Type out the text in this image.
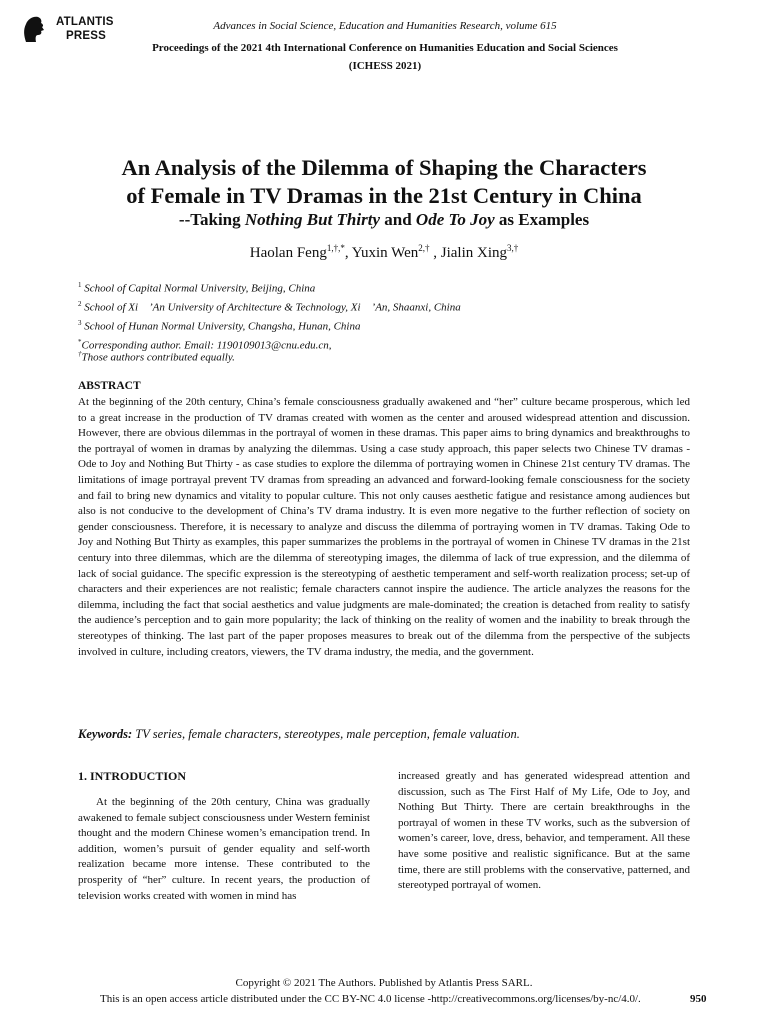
ATLANTIS
PRESS
Advances in Social Science, Education and Humanities Research, volume 615
Proceedings of the 2021 4th International Conference on Humanities Education and Social Sciences (ICHESS 2021)
An Analysis of the Dilemma of Shaping the Characters
of Female in TV Dramas in the 21st Century in China
--Taking Nothing But Thirty and Ode To Joy as Examples
Haolan Feng$^{1,\dagger,*}$, Yuxin Wen$^{2,\dagger}$ , Jialin Xing$^{3,\dagger}$
$^1$ School of Capital Normal University, Beijing, China
$^2$ School of Xi　’An University of Architecture & Technology, Xi　’An, Shaanxi, China
$^3$ School of Hunan Normal University, Changsha, Hunan, China
*Corresponding author. Email: 1190109013@cnu.edu.cn,
†Those authors contributed equally.
ABSTRACT

At the beginning of the 20th century, China’s female consciousness gradually awakened and “her” culture became prosperous, which led to a great increase in the production of TV dramas created with women as the center and aroused widespread attention and discussion. However, there are obvious dilemmas in the portrayal of women in these dramas. This paper aims to bring dynamics and breakthroughs to the portrayal of women in dramas by analyzing the dilemmas. Using a case study approach, this paper selects two Chinese TV dramas - Ode to Joy and Nothing But Thirty - as case studies to explore the dilemma of portraying women in Chinese 21st century TV dramas. The limitations of image portrayal prevent TV dramas from spreading an advanced and forward-looking female consciousness for the society and fail to bring new dynamics and vitality to popular culture. This not only causes aesthetic fatigue and resistance among audiences but also is not conducive to the development of China’s TV drama industry. It is even more negative to the further reflection of society on gender consciousness. Therefore, it is necessary to analyze and discuss the dilemma of portraying women in TV dramas. Taking Ode to Joy and Nothing But Thirty as examples, this paper summarizes the problems in the portrayal of women in Chinese TV dramas in the 21st century into three dilemmas, which are the dilemma of stereotyping images, the dilemma of lack of true expression, and the dilemma of lack of social guidance. The specific expression is the stereotyping of aesthetic temperament and self-worth realization process; set-up of characters and their experiences are not realistic; female characters cannot inspire the audience. The article analyzes the reasons for the dilemma, including the fact that social aesthetics and value judgments are male-dominated; the creation is detached from reality to satisfy the audience’s perception and to gain more popularity; the lack of thinking on the reality of women and the inability to break through the stereotypes of thinking. The last part of the paper proposes measures to break out of the dilemma from the perspective of the subjects involved in culture, including creators, viewers, the TV drama industry, the media, and the government.

Keywords: TV series, female characters, stereotypes, male perception, female valuation.
1. INTRODUCTION

At the beginning of the 20th century, China was gradually awakened to female subject consciousness under Western feminist thought and the modern Chinese women’s emancipation trend. In addition, women’s pursuit of gender equality and self-worth realization became more intense. These contributed to the prosperity of “her” culture. In recent years, the production of television works created with women in mind has

increased greatly and has generated widespread attention and discussion, such as The First Half of My Life, Ode to Joy, and Nothing But Thirty. There are certain breakthroughs in the portrayal of women in these TV works, such as the subversion of women’s career, love, dress, behavior, and temperament. All these have some positive and realistic significance. But at the same time, there are still problems with the conservative, patterned, and stereotyped portrayal of women.

Copyright © 2021 The Authors. Published by Atlantis Press SARL.
This is an open access article distributed under the CC BY-NC 4.0 license -http://creativecommons.org/licenses/by-nc/4.0/.	950
